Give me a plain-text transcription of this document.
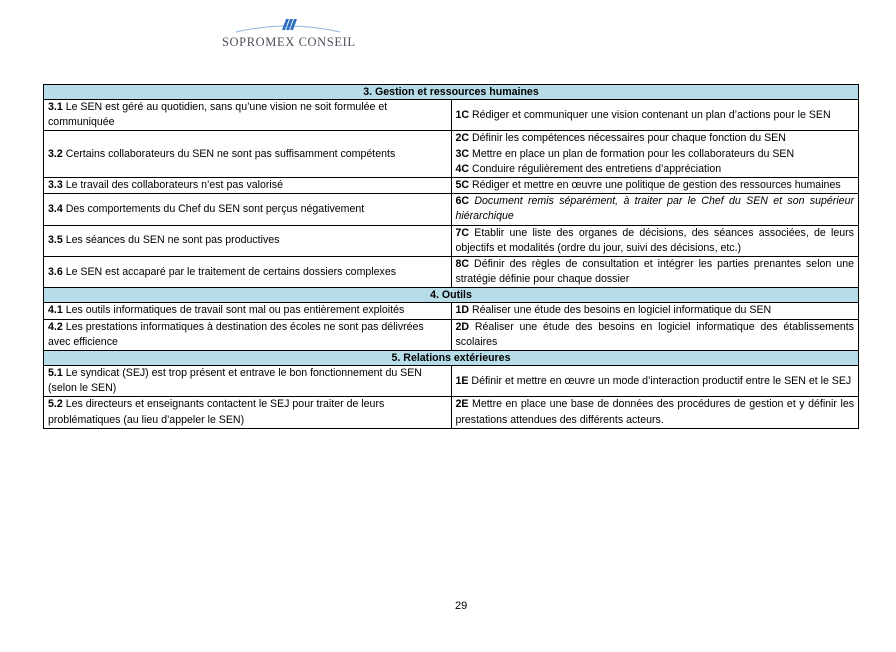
SOPROMEX CONSEIL
3. Gestion et ressources humaines	
3.1 Le SEN est géré au quotidien, sans qu’une vision ne soit formulée et communiquée	1C Rédiger et communiquer une vision contenant un plan d’actions pour le SEN

3.2 Certains collaborateurs du SEN ne sont pas suffisamment compétents	2C Définir les compétences nécessaires pour chaque fonction du SEN
3C Mettre en place un plan de formation pour les collaborateurs du SEN
4C Conduire régulièrement des entretiens d’appréciation

3.3 Le travail des collaborateurs n’est pas valorisé	5C Rédiger et mettre en œuvre une politique de gestion des ressources humaines

3.4 Des comportements du Chef du SEN sont perçus négativement	6C Document remis séparément, à traiter par le Chef du SEN et son supérieur hiérarchique

3.5 Les séances du SEN ne sont pas productives	7C Etablir une liste des organes de décisions, des séances associées, de leurs objectifs et modalités (ordre du jour, suivi des décisions, etc.)

3.6 Le SEN est accaparé par le traitement de certains dossiers complexes	8C Définir des règles de consultation et intégrer les parties prenantes selon une stratégie définie pour chaque dossier

4. Outils	
4.1 Les outils informatiques de travail sont mal ou pas entièrement exploités	1D Réaliser une étude des besoins en logiciel informatique du SEN

4.2 Les prestations informatiques à destination des écoles ne sont pas délivrées avec efficience	2D Réaliser une étude des besoins en logiciel informatique des établissements scolaires

5. Relations extérieures	
5.1 Le syndicat (SEJ) est trop présent et entrave le bon fonctionnement du SEN (selon le SEN)	1E Définir et mettre en œuvre un mode d’interaction productif entre le SEN et le SEJ

5.2 Les directeurs et enseignants contactent le SEJ pour traiter de leurs problématiques (au lieu d’appeler le SEN)	2E Mettre en place une base de données des procédures de gestion et y définir les prestations attendues des différents acteurs.
29
